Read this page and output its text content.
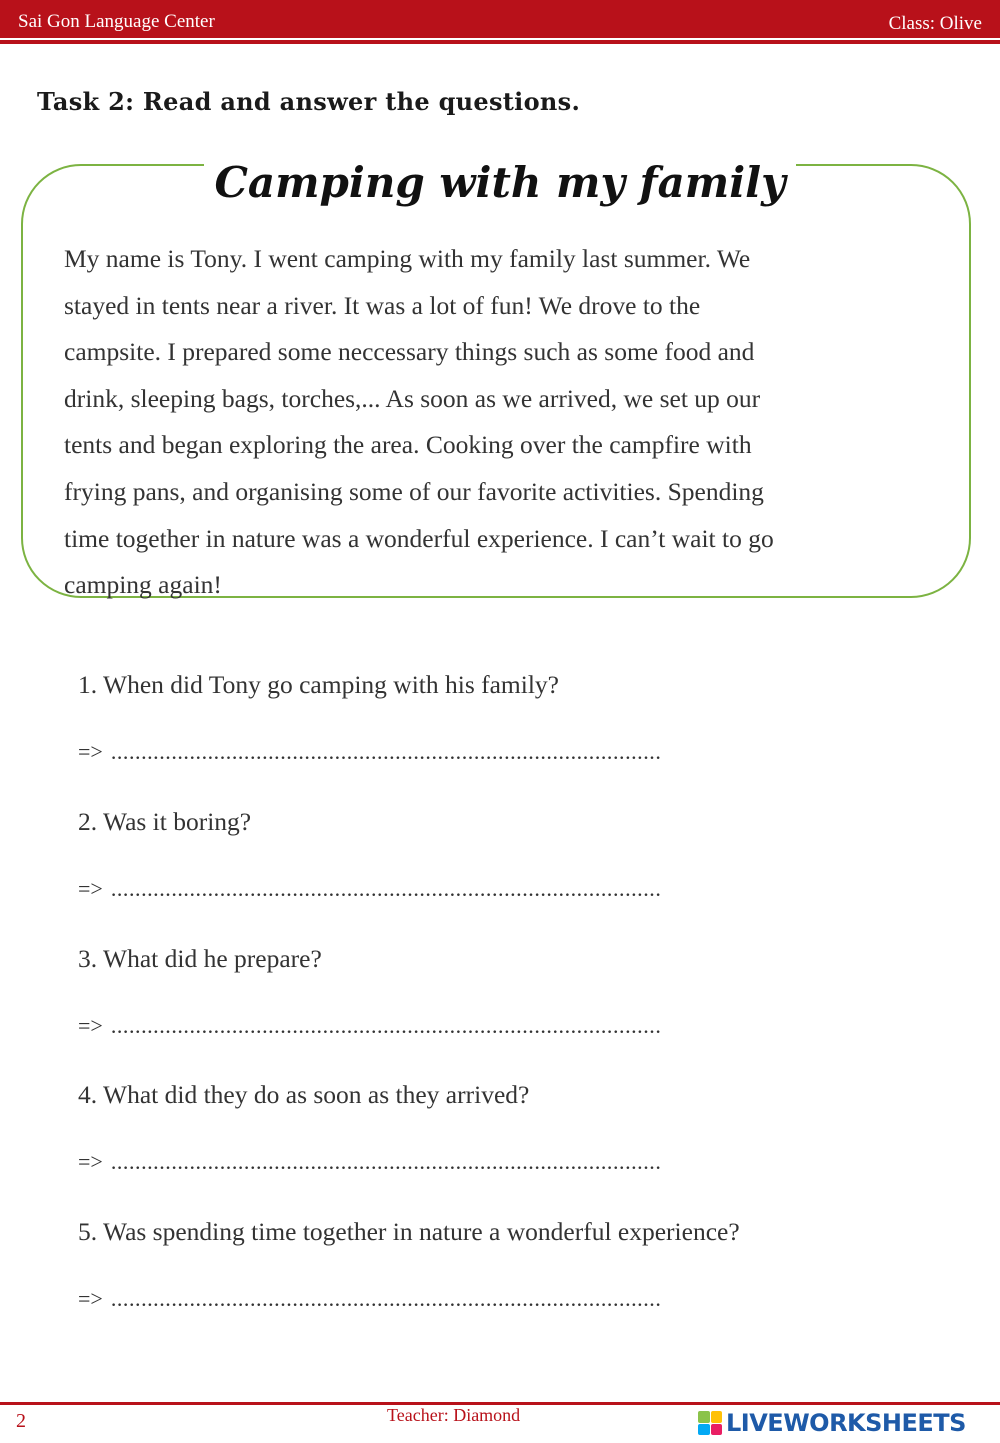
Sai Gon Language Center	Class: Olive
Task 2: Read and answer the questions.
Camping with my family

My name is Tony. I went camping with my family last summer. We
stayed in tents near a river. It was a lot of fun! We drove to the
campsite. I prepared some neccessary things such as some food and
drink, sleeping bags, torches,... As soon as we arrived, we set up our
tents and began exploring the area. Cooking over the campfire with
frying pans, and organising some of our favorite activities. Spending
time together in nature was a wonderful experience. I can’t wait to go
camping again!

1. When did Tony go camping with his family?
=> ...........................................................................................
2. Was it boring?
=> ...........................................................................................
3. What did he prepare?
=> ...........................................................................................
4. What did they do as soon as they arrived?
=> ...........................................................................................
5. Was spending time together in nature a wonderful experience?
=> ...........................................................................................
2	Teacher: Diamond	LIVEWORKSHEETS
